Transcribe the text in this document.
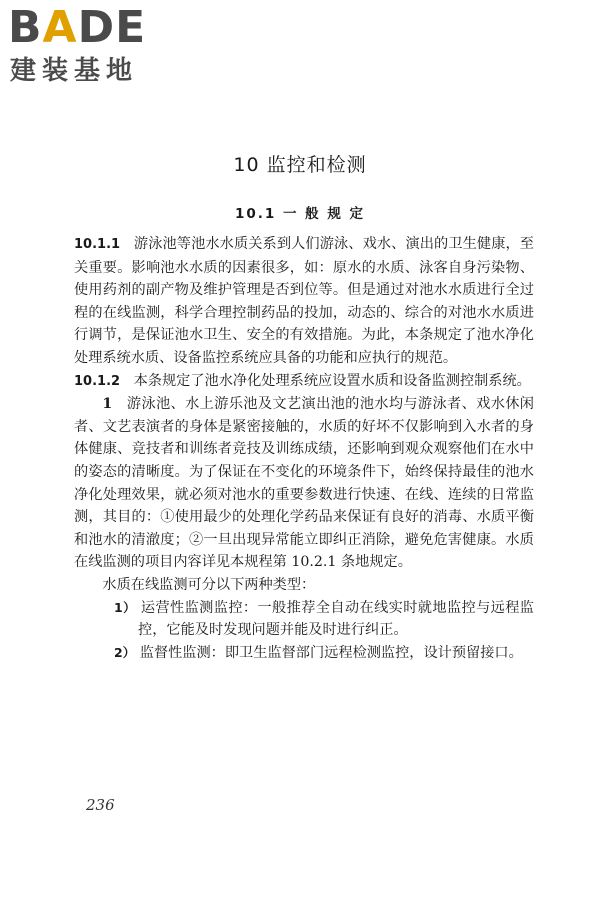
BADE
建装基地
10 监控和检测
10.1 一 般 规 定

10.1.1 游泳池等池水水质关系到人们游泳、戏水、演出的卫生健康，至关重要。影响池水水质的因素很多，如：原水的水质、泳客自身污染物、使用药剂的副产物及维护管理是否到位等。但是通过对池水水质进行全过程的在线监测，科学合理控制药品的投加，动态的、综合的对池水水质进行调节，是保证池水卫生、安全的有效措施。为此，本条规定了池水净化处理系统水质、设备监控系统应具备的功能和应执行的规范。

10.1.2 本条规定了池水净化处理系统应设置水质和设备监测控制系统。

1 游泳池、水上游乐池及文艺演出池的池水均与游泳者、戏水休闲者、文艺表演者的身体是紧密接触的，水质的好坏不仅影响到入水者的身体健康、竞技者和训练者竞技及训练成绩，还影响到观众观察他们在水中的姿态的清晰度。为了保证在不变化的环境条件下，始终保持最佳的池水净化处理效果，就必须对池水的重要参数进行快速、在线、连续的日常监测，其目的：①使用最少的处理化学药品来保证有良好的消毒、水质平衡和池水的清澈度；②一旦出现异常能立即纠正消除，避免危害健康。水质在线监测的项目内容详见本规程第 10.2.1 条地规定。

水质在线监测可分以下两种类型：

1） 运营性监测监控：一般推荐全自动在线实时就地监控与远程监控，它能及时发现问题并能及时进行纠正。

2） 监督性监测：即卫生监督部门远程检测监控，设计预留接口。

236
